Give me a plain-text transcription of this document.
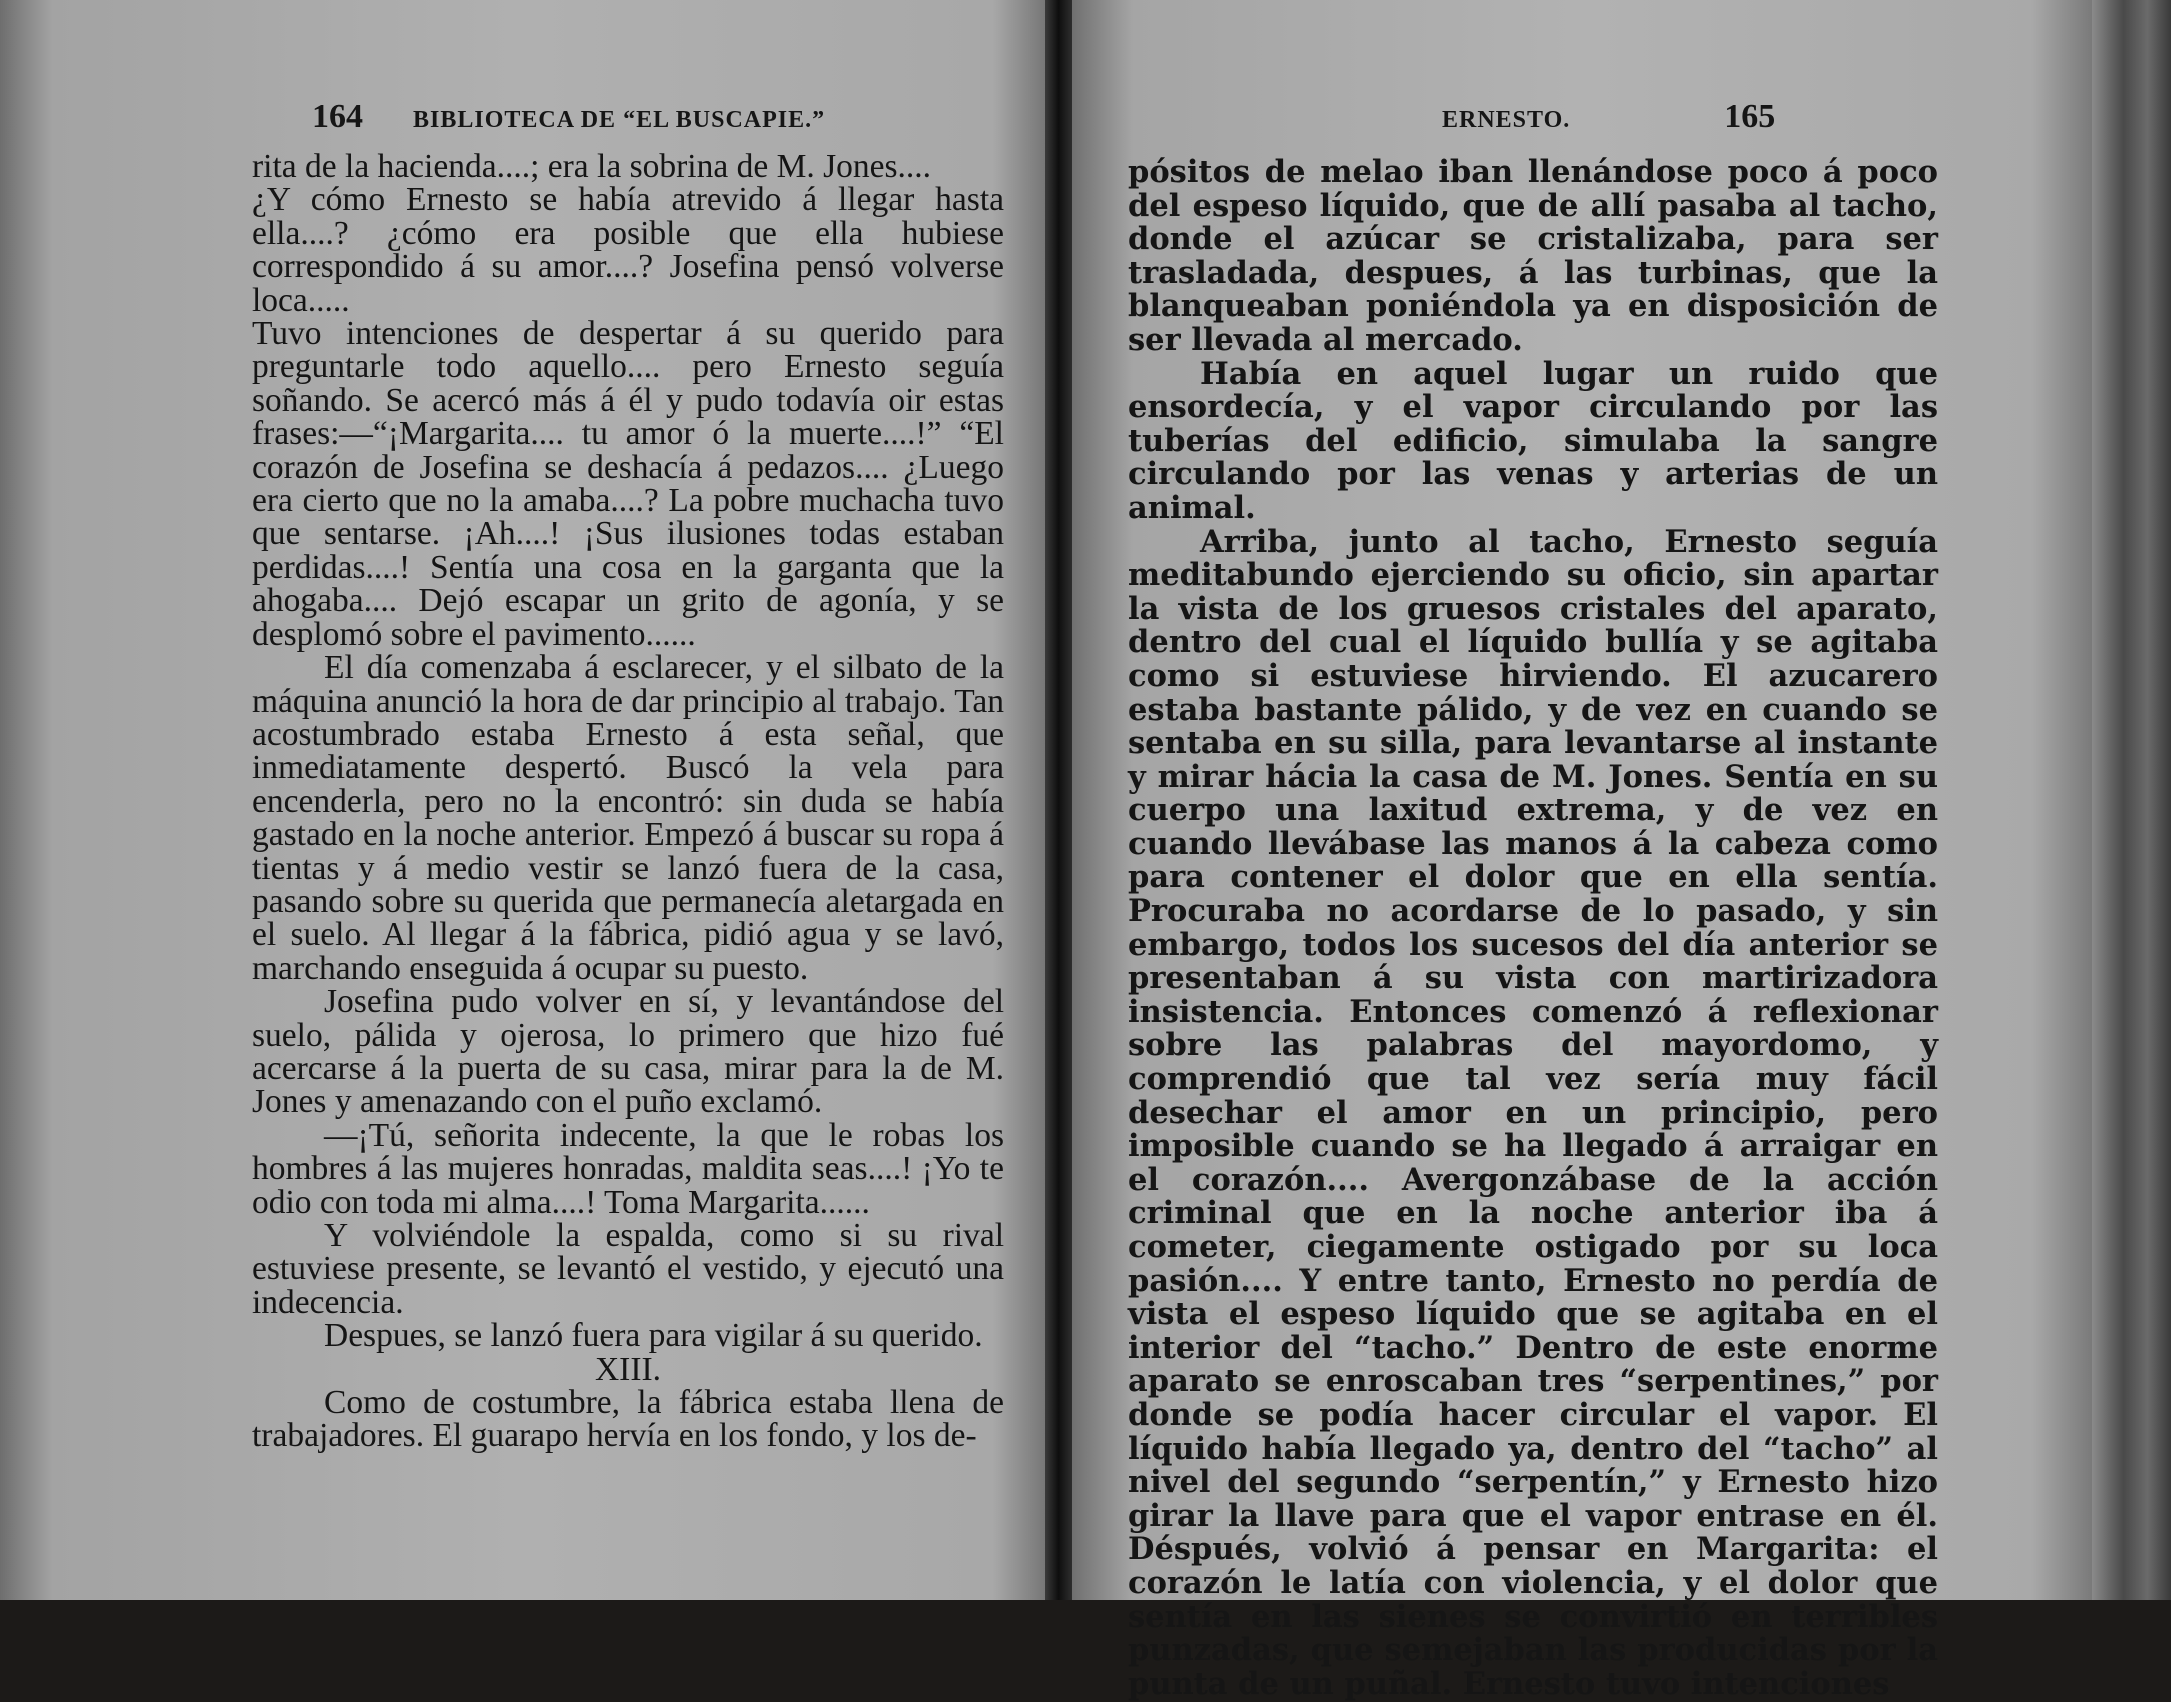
164 BIBLIOTECA DE “EL BUSCAPIE.”

rita de la hacienda....; era la sobrina de M. Jones....

¿Y cómo Ernesto se había atrevido á llegar hasta ella....? ¿cómo era posible que ella hubiese correspondido á su amor....? Josefina pensó volverse loca.....

Tuvo intenciones de despertar á su querido para preguntarle todo aquello.... pero Ernesto seguía soñando. Se acercó más á él y pudo todavía oir estas frases:—“¡Margarita.... tu amor ó la muerte....!” “El corazón de Josefina se deshacía á pedazos.... ¿Luego era cierto que no la amaba....? La pobre muchacha tuvo que sentarse. ¡Ah....! ¡Sus ilusiones todas estaban perdidas....! Sentía una cosa en la garganta que la ahogaba.... Dejó escapar un grito de agonía, y se desplomó sobre el pavimento......

El día comenzaba á esclarecer, y el silbato de la máquina anunció la hora de dar principio al trabajo. Tan acostumbrado estaba Ernesto á esta señal, que inmediatamente despertó. Buscó la vela para encenderla, pero no la encontró: sin duda se había gastado en la noche anterior. Empezó á buscar su ropa á tientas y á medio vestir se lanzó fuera de la casa, pasando sobre su querida que permanecía aletargada en el suelo. Al llegar á la fábrica, pidió agua y se lavó, marchando enseguida á ocupar su puesto.

Josefina pudo volver en sí, y levantándose del suelo, pálida y ojerosa, lo primero que hizo fué acercarse á la puerta de su casa, mirar para la de M. Jones y amenazando con el puño exclamó.

—¡Tú, señorita indecente, la que le robas los hombres á las mujeres honradas, maldita seas....! ¡Yo te odio con toda mi alma....! Toma Margarita......

Y volviéndole la espalda, como si su rival estuviese presente, se levantó el vestido, y ejecutó una indecencia.

Despues, se lanzó fuera para vigilar á su querido.

XIII.

Como de costumbre, la fábrica estaba llena de trabajadores. El guarapo hervía en los fondo, y los de-

ERNESTO.	165

pósitos de melao iban llenándose poco á poco del espeso líquido, que de allí pasaba al tacho, donde el azúcar se cristalizaba, para ser trasladada, despues, á las turbinas, que la blanqueaban poniéndola ya en disposición de ser llevada al mercado.

Había en aquel lugar un ruido que ensordecía, y el vapor circulando por las tuberías del edificio, simulaba la sangre circulando por las venas y arterias de un animal.

Arriba, junto al tacho, Ernesto seguía meditabundo ejerciendo su oficio, sin apartar la vista de los gruesos cristales del aparato, dentro del cual el líquido bullía y se agitaba como si estuviese hirviendo. El azucarero estaba bastante pálido, y de vez en cuando se sentaba en su silla, para levantarse al instante y mirar hácia la casa de M. Jones. Sentía en su cuerpo una laxitud extrema, y de vez en cuando llevábase las manos á la cabeza como para contener el dolor que en ella sentía. Procuraba no acordarse de lo pasado, y sin embargo, todos los sucesos del día anterior se presentaban á su vista con martirizadora insistencia. Entonces comenzó á reflexionar sobre las palabras del mayordomo, y comprendió que tal vez sería muy fácil desechar el amor en un principio, pero imposible cuando se ha llegado á arraigar en el corazón.... Avergonzábase de la acción criminal que en la noche anterior iba á cometer, ciegamente ostigado por su loca pasión.... Y entre tanto, Ernesto no perdía de vista el espeso líquido que se agitaba en el interior del “tacho.” Dentro de este enorme aparato se enroscaban tres “serpentines,” por donde se podía hacer circular el vapor. El líquido había llegado ya, dentro del “tacho” al nivel del segundo “serpentín,” y Ernesto hizo girar la llave para que el vapor entrase en él. Déspués, volvió á pensar en Margarita: el corazón le latía con violencia, y el dolor que sentía en las sienes se convirtió en terribles punzadas, que semejaban las producidas por la punta de un puñal. Ernesto tuvo intenciones
